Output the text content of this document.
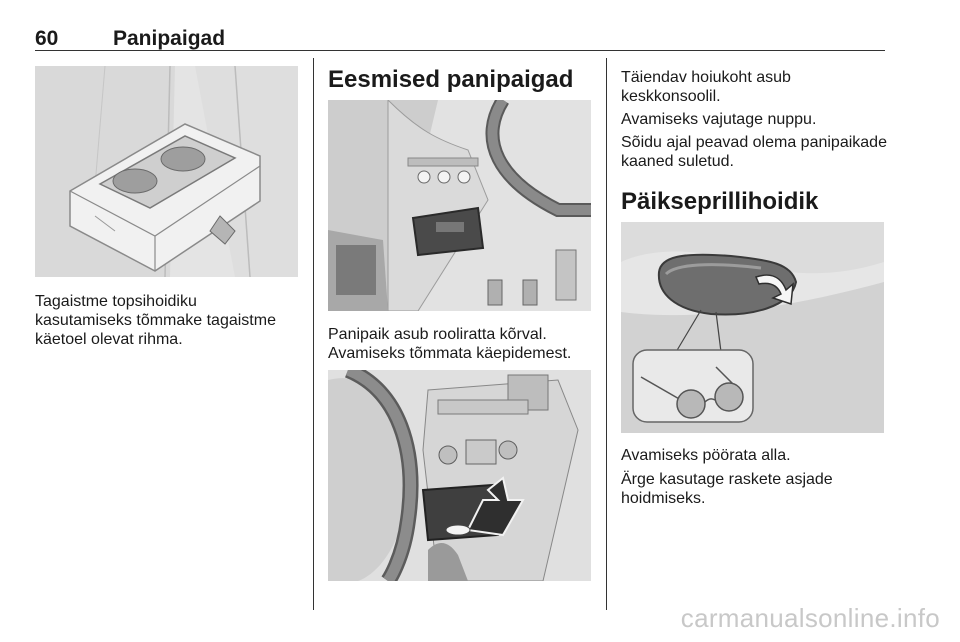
60	Panipaigad

Tagaistme topsihoidiku
kasutamiseks tõmmake tagaistme
käetoel olevat rihma.

Eesmised panipaigad

Panipaik asub rooliratta kõrval.
Avamiseks tõmmata käepidemest.

Täiendav hoiukoht asub
keskkonsoolil.

Avamiseks vajutage nuppu.

Sõidu ajal peavad olema panipaikade
kaaned suletud.

Päikseprillihoidik

Avamiseks pöörata alla.

Ärge kasutage raskete asjade
hoidmiseks.

carmanualsonline.info
